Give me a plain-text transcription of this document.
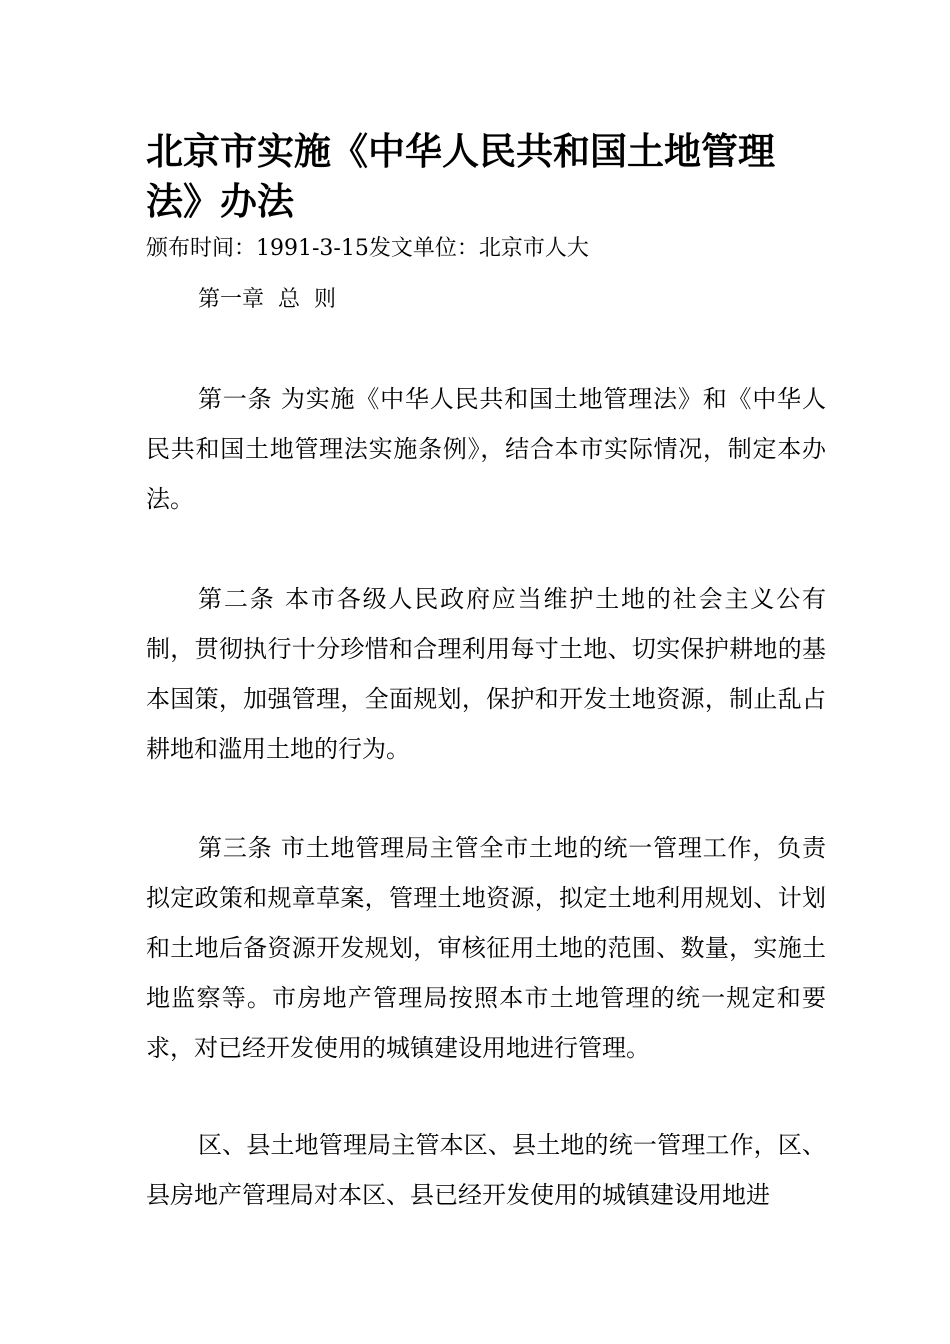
北京市实施《中华人民共和国土地管理法》办法

颁布时间：1991-3-15发文单位：北京市人大

第一章  总  则

第一条 为实施《中华人民共和国土地管理法》和《中华人民共和国土地管理法实施条例》，结合本市实际情况，制定本办法。

第二条 本市各级人民政府应当维护土地的社会主义公有制，贯彻执行十分珍惜和合理利用每寸土地、切实保护耕地的基本国策，加强管理，全面规划，保护和开发土地资源，制止乱占耕地和滥用土地的行为。

第三条 市土地管理局主管全市土地的统一管理工作，负责拟定政策和规章草案，管理土地资源，拟定土地利用规划、计划和土地后备资源开发规划，审核征用土地的范围、数量，实施土地监察等。市房地产管理局按照本市土地管理的统一规定和要求，对已经开发使用的城镇建设用地进行管理。

区、县土地管理局主管本区、县土地的统一管理工作，区、县房地产管理局对本区、县已经开发使用的城镇建设用地进
